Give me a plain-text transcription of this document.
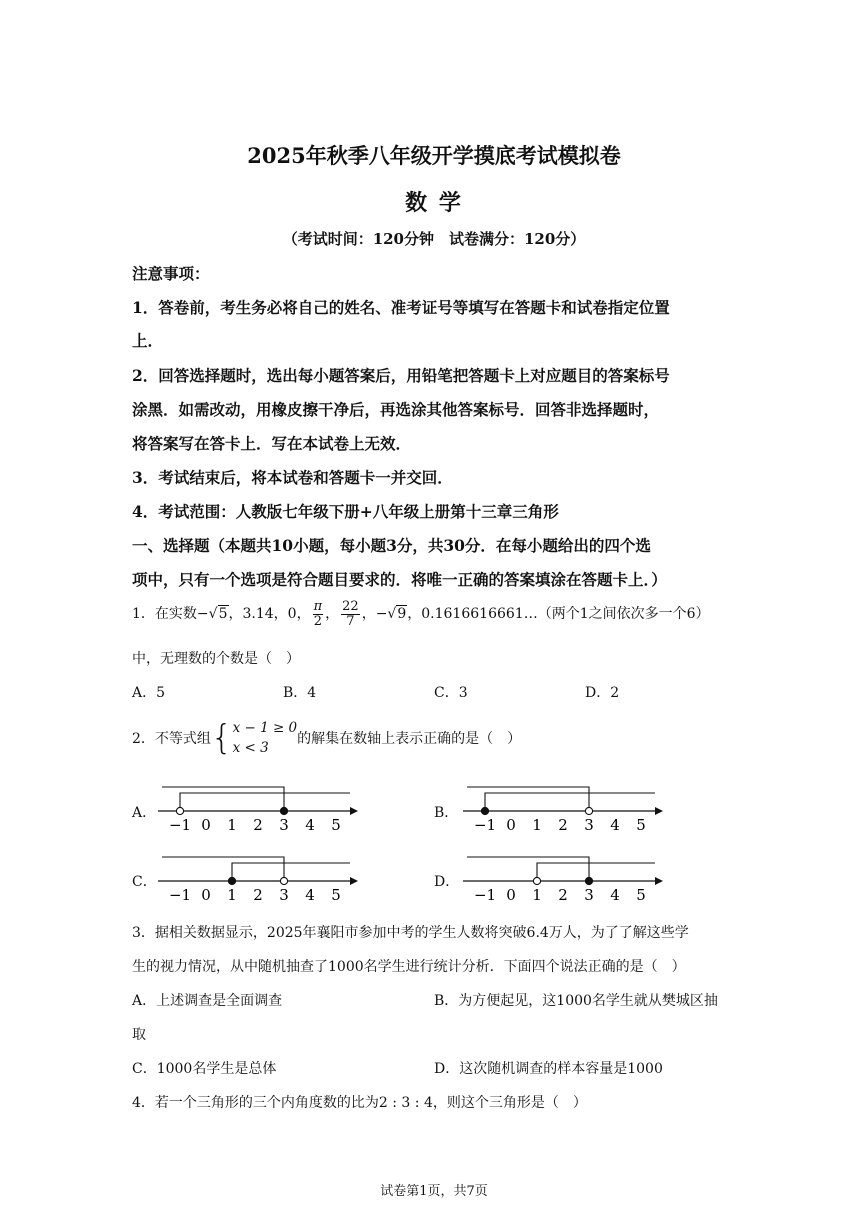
2025年秋季八年级开学摸底考试模拟卷
数 学
（考试时间：120分钟　试卷满分：120分）
注意事项：
1．答卷前，考生务必将自己的姓名、准考证号等填写在答题卡和试卷指定位置
上．
2．回答选择题时，选出每小题答案后，用铅笔把答题卡上对应题目的答案标号
涂黑．如需改动，用橡皮擦干净后，再选涂其他答案标号．回答非选择题时，
将答案写在答卡上．写在本试卷上无效．
3．考试结束后，将本试卷和答题卡一并交回．
4．考试范围：人教版七年级下册+八年级上册第十三章三角形
一、选择题（本题共10小题，每小题3分，共30分．在每小题给出的四个选
项中，只有一个选项是符合题目要求的．将唯一正确的答案填涂在答题卡上．）
1．在实数−√5，3.14，0， $\frac{\pi}{2}$ ， $\frac{22}{7}$ ，−√9，0.1616616661…（两个1之间依次多一个6）
中，无理数的个数是（　）
A．5	B．4	C．3	D．2
2．不等式组{ x − 1 ≥ 0
x < 3
的解集在数轴上表示正确的是（　）
A．	B．
C．	D．
−1 0 1 2 3 4 5	−1 0 1 2 3 4 5
−1 0 1 2 3 4 5	−1 0 1 2 3 4 5
3．据相关数据显示，2025年襄阳市参加中考的学生人数将突破6.4万人，为了了解这些学
生的视力情况，从中随机抽查了1000名学生进行统计分析．下面四个说法正确的是（　）
A．上述调查是全面调查	B．为方便起见，这1000名学生就从樊城区抽
取
C．1000名学生是总体	D．这次随机调查的样本容量是1000
4．若一个三角形的三个内角度数的比为2 : 3 : 4，则这个三角形是（　）
试卷第1页，共7页
